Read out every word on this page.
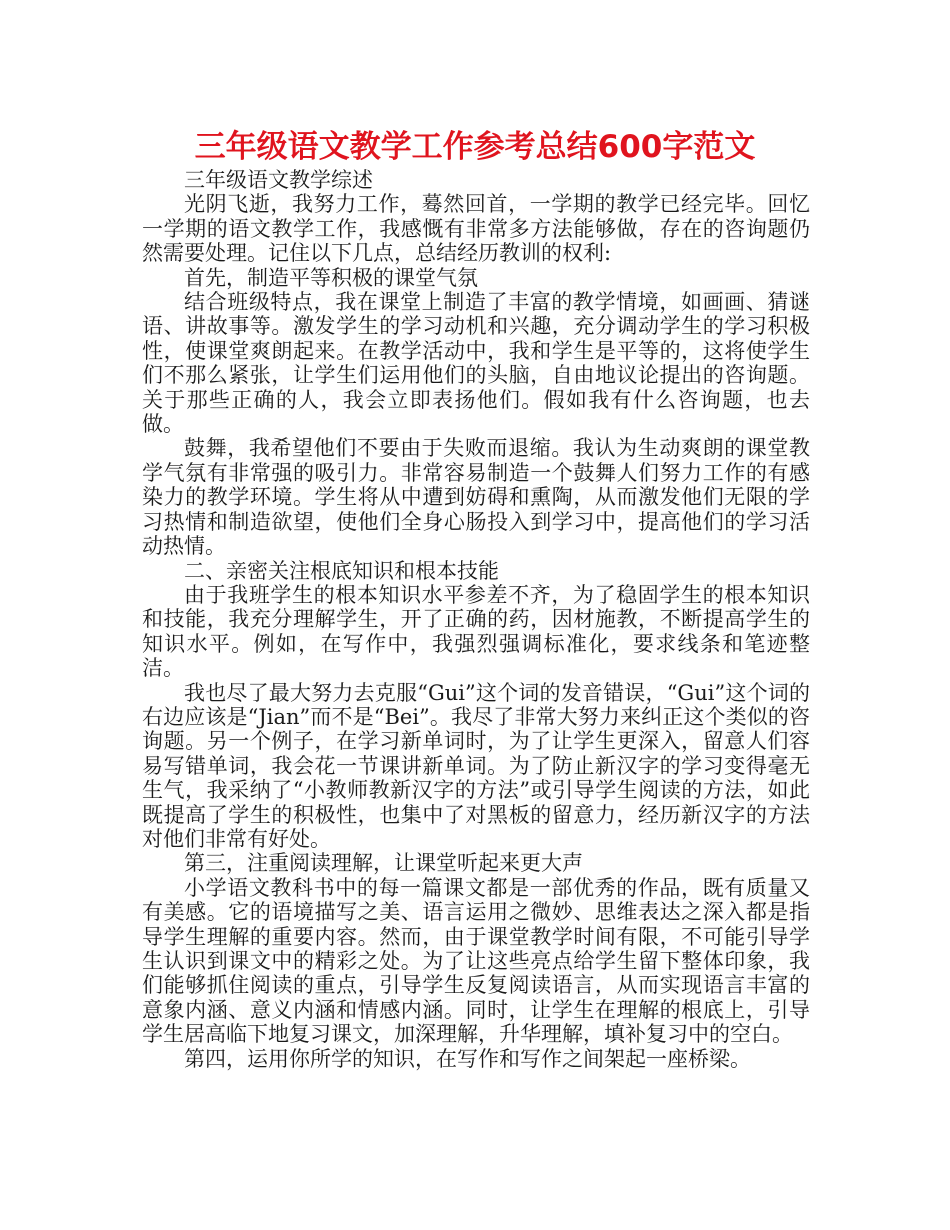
三年级语文教学工作参考总结600字范文

三年级语文教学综述

光阴飞逝，我努力工作，蓦然回首，一学期的教学已经完毕。回忆一学期的语文教学工作，我感慨有非常多方法能够做，存在的咨询题仍然需要处理。记住以下几点，总结经历教训的权利:

首先，制造平等积极的课堂气氛

结合班级特点，我在课堂上制造了丰富的教学情境，如画画、猜谜语、讲故事等。激发学生的学习动机和兴趣，充分调动学生的学习积极性，使课堂爽朗起来。在教学活动中，我和学生是平等的，这将使学生们不那么紧张，让学生们运用他们的头脑，自由地议论提出的咨询题。关于那些正确的人，我会立即表扬他们。假如我有什么咨询题，也去做。

鼓舞，我希望他们不要由于失败而退缩。我认为生动爽朗的课堂教学气氛有非常强的吸引力。非常容易制造一个鼓舞人们努力工作的有感染力的教学环境。学生将从中遭到妨碍和熏陶，从而激发他们无限的学习热情和制造欲望，使他们全身心肠投入到学习中，提高他们的学习活动热情。

二、亲密关注根底知识和根本技能

由于我班学生的根本知识水平参差不齐，为了稳固学生的根本知识和技能，我充分理解学生，开了正确的药，因材施教，不断提高学生的知识水平。例如，在写作中，我强烈强调标准化，要求线条和笔迹整洁。

我也尽了最大努力去克服“Gui”这个词的发音错误，“Gui”这个词的右边应该是“Jian”而不是“Bei”。我尽了非常大努力来纠正这个类似的咨询题。另一个例子，在学习新单词时，为了让学生更深入，留意人们容易写错单词，我会花一节课讲新单词。为了防止新汉字的学习变得毫无生气，我采纳了“小教师教新汉字的方法”或引导学生阅读的方法，如此既提高了学生的积极性，也集中了对黑板的留意力，经历新汉字的方法对他们非常有好处。

第三，注重阅读理解，让课堂听起来更大声

小学语文教科书中的每一篇课文都是一部优秀的作品，既有质量又有美感。它的语境描写之美、语言运用之微妙、思维表达之深入都是指导学生理解的重要内容。然而，由于课堂教学时间有限，不可能引导学生认识到课文中的精彩之处。为了让这些亮点给学生留下整体印象，我们能够抓住阅读的重点，引导学生反复阅读语言，从而实现语言丰富的意象内涵、意义内涵和情感内涵。同时，让学生在理解的根底上，引导学生居高临下地复习课文，加深理解，升华理解，填补复习中的空白。

第四，运用你所学的知识，在写作和写作之间架起一座桥梁。
